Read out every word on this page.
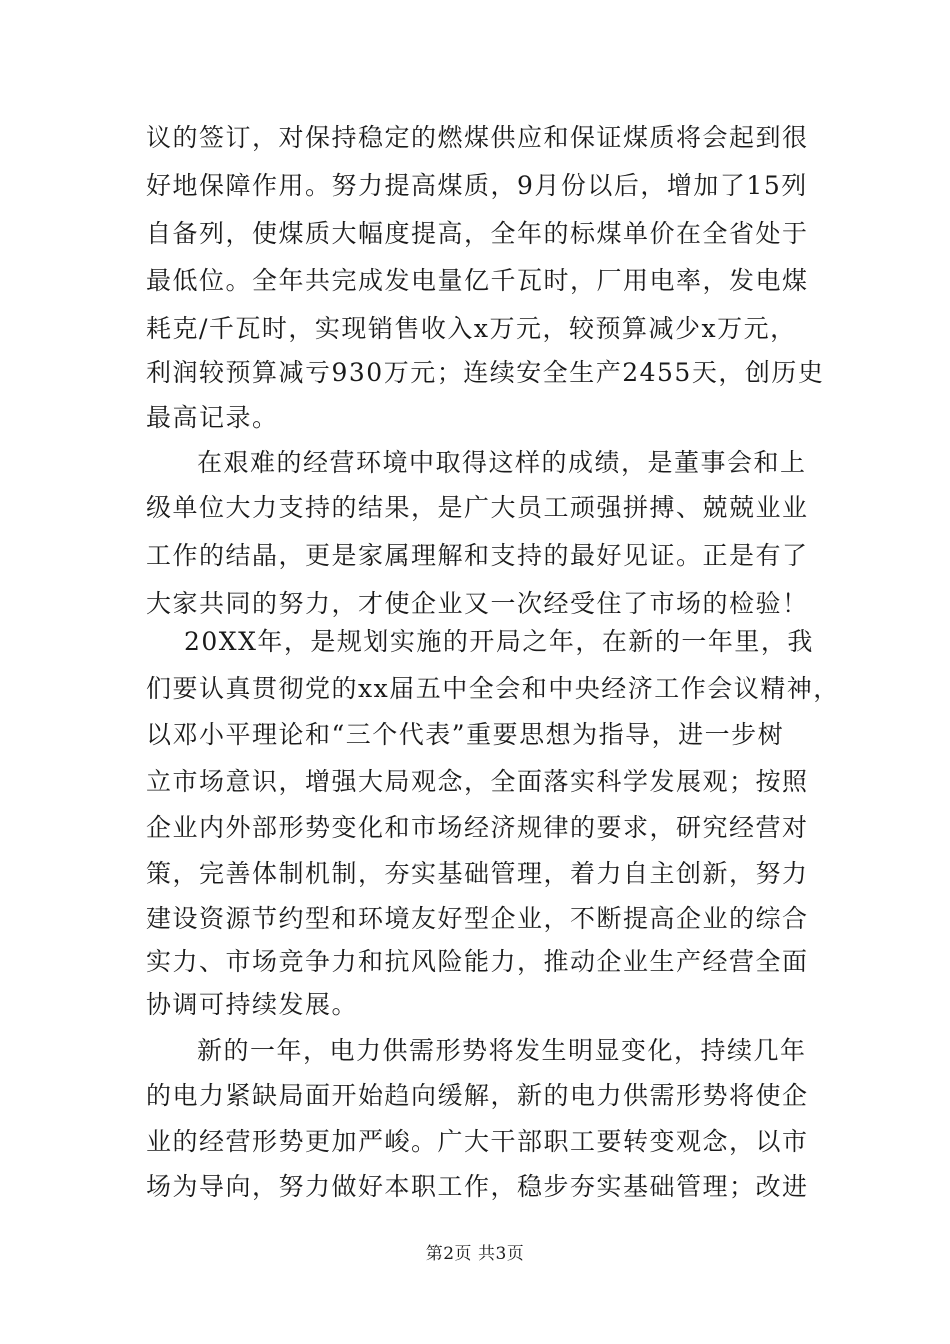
议的签订，对保持稳定的燃煤供应和保证煤质将会起到很
好地保障作用。努力提高煤质，9月份以后，增加了15列
自备列，使煤质大幅度提高，全年的标煤单价在全省处于
最低位。全年共完成发电量亿千瓦时，厂用电率，发电煤
耗克/千瓦时，实现销售收入x万元，较预算减少x万元，
利润较预算减亏930万元；连续安全生产2455天，创历史
最高记录。
在艰难的经营环境中取得这样的成绩，是董事会和上
级单位大力支持的结果，是广大员工顽强拼搏、兢兢业业
工作的结晶，更是家属理解和支持的最好见证。正是有了
大家共同的努力，才使企业又一次经受住了市场的检验！
20XX年，是规划实施的开局之年，在新的一年里，我
们要认真贯彻党的xx届五中全会和中央经济工作会议精神，
以邓小平理论和“三个代表”重要思想为指导，进一步树
立市场意识，增强大局观念，全面落实科学发展观；按照
企业内外部形势变化和市场经济规律的要求，研究经营对
策，完善体制机制，夯实基础管理，着力自主创新，努力
建设资源节约型和环境友好型企业，不断提高企业的综合
实力、市场竞争力和抗风险能力，推动企业生产经营全面
协调可持续发展。
新的一年，电力供需形势将发生明显变化，持续几年
的电力紧缺局面开始趋向缓解，新的电力供需形势将使企
业的经营形势更加严峻。广大干部职工要转变观念，以市
场为导向，努力做好本职工作，稳步夯实基础管理；改进
第2页 共3页
